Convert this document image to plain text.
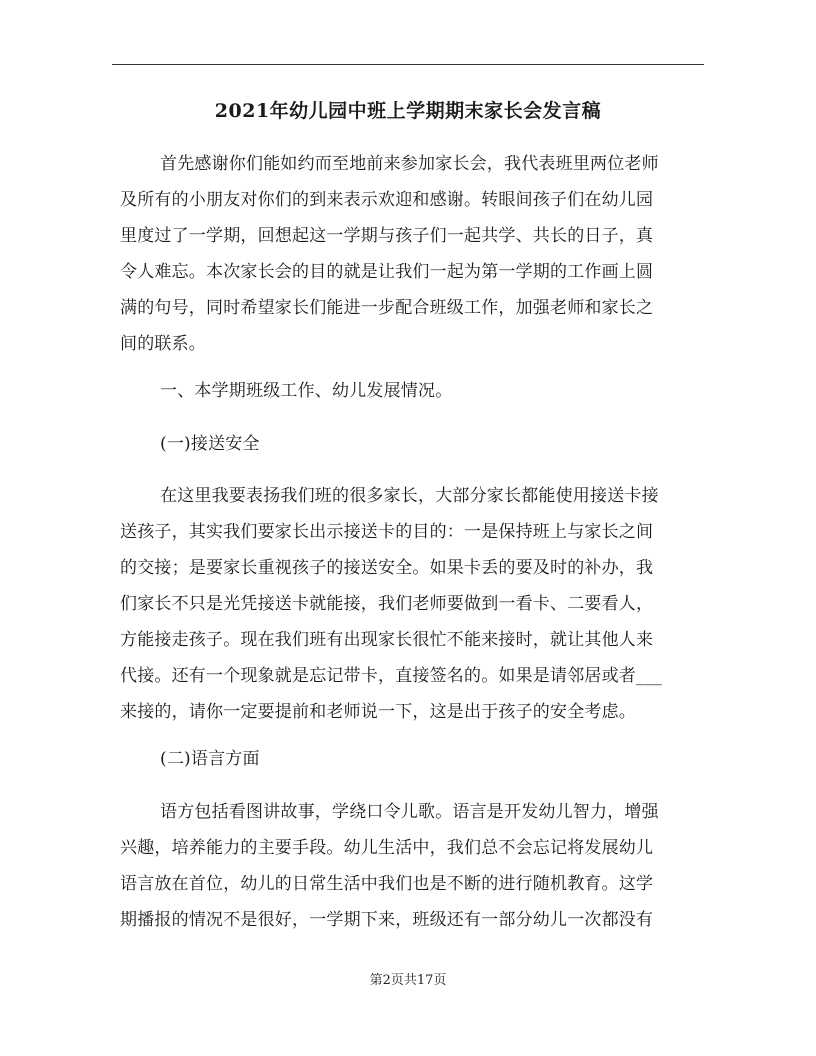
2021年幼儿园中班上学期期末家长会发言稿
首先感谢你们能如约而至地前来参加家长会，我代表班里两位老师
及所有的小朋友对你们的到来表示欢迎和感谢。转眼间孩子们在幼儿园
里度过了一学期，回想起这一学期与孩子们一起共学、共长的日子，真
令人难忘。本次家长会的目的就是让我们一起为第一学期的工作画上圆
满的句号，同时希望家长们能进一步配合班级工作，加强老师和家长之
间的联系。
一、本学期班级工作、幼儿发展情况。
(一)接送安全
在这里我要表扬我们班的很多家长，大部分家长都能使用接送卡接
送孩子，其实我们要家长出示接送卡的目的：一是保持班上与家长之间
的交接；是要家长重视孩子的接送安全。如果卡丢的要及时的补办，我
们家长不只是光凭接送卡就能接，我们老师要做到一看卡、二要看人，
方能接走孩子。现在我们班有出现家长很忙不能来接时，就让其他人来
代接。还有一个现象就是忘记带卡，直接签名的。如果是请邻居或者___
来接的，请你一定要提前和老师说一下，这是出于孩子的安全考虑。
(二)语言方面
语方包括看图讲故事，学绕口令儿歌。语言是开发幼儿智力，增强
兴趣，培养能力的主要手段。幼儿生活中，我们总不会忘记将发展幼儿
语言放在首位，幼儿的日常生活中我们也是不断的进行随机教育。这学
期播报的情况不是很好，一学期下来，班级还有一部分幼儿一次都没有
第2页共17页
